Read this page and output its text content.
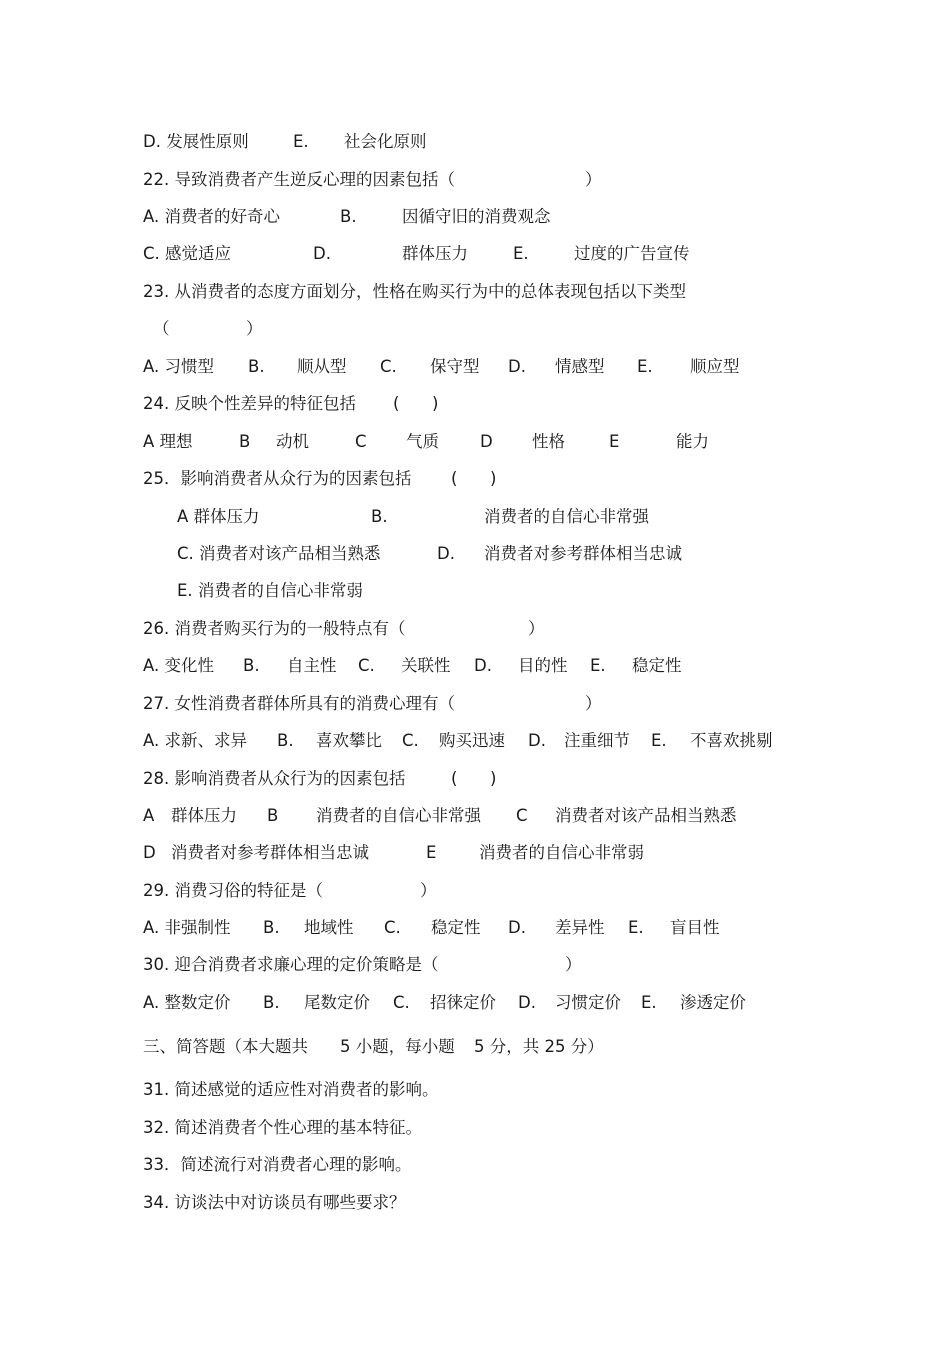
D. 发展性原则	E. 社会化原则
22. 导致消费者产生逆反心理的因素包括（	）
A. 消费者的好奇心	B.	因循守旧的消费观念
C. 感觉适应	D.	群体压力	E.	过度的广告宣传
23. 从消费者的态度方面划分，性格在购买行为中的总体表现包括以下类型
（	）
A. 习惯型 B. 顺从型 C. 保守型 D. 情感型 E. 顺应型
24. 反映个性差异的特征包括 ( )
A 理想	B 动机	C 气质 D 性格	E	能力
25．影响消费者从众行为的因素包括 ( )
A 群体压力	B.	消费者的自信心非常强
C. 消费者对该产品相当熟悉	D. 消费者对参考群体相当忠诚
E. 消费者的自信心非常弱
26. 消费者购买行为的一般特点有（	）
A. 变化性 B. 自主性 C. 关联性 D. 目的性 E. 稳定性
27. 女性消费者群体所具有的消费心理有（	）
A. 求新、求异 B. 喜欢攀比 C. 购买迅速 D. 注重细节 E. 不喜欢挑剔
28. 影响消费者从众行为的因素包括	( )
A 群体压力 B 消费者的自信心非常强 C 消费者对该产品相当熟悉
D 消费者对参考群体相当忠诚	E	消费者的自信心非常弱
29. 消费习俗的特征是（	）
A. 非强制性 B. 地域性 C. 稳定性 D. 差异性 E. 盲目性
30. 迎合消费者求廉心理的定价策略是（	）
A. 整数定价 B. 尾数定价 C. 招徕定价 D. 习惯定价 E. 渗透定价
三、简答题（本大题共 5 小题，每小题 5 分，共 25 分）
31. 简述感觉的适应性对消费者的影响。
32. 简述消费者个性心理的基本特征。
33．简述流行对消费者心理的影响。
34. 访谈法中对访谈员有哪些要求？
